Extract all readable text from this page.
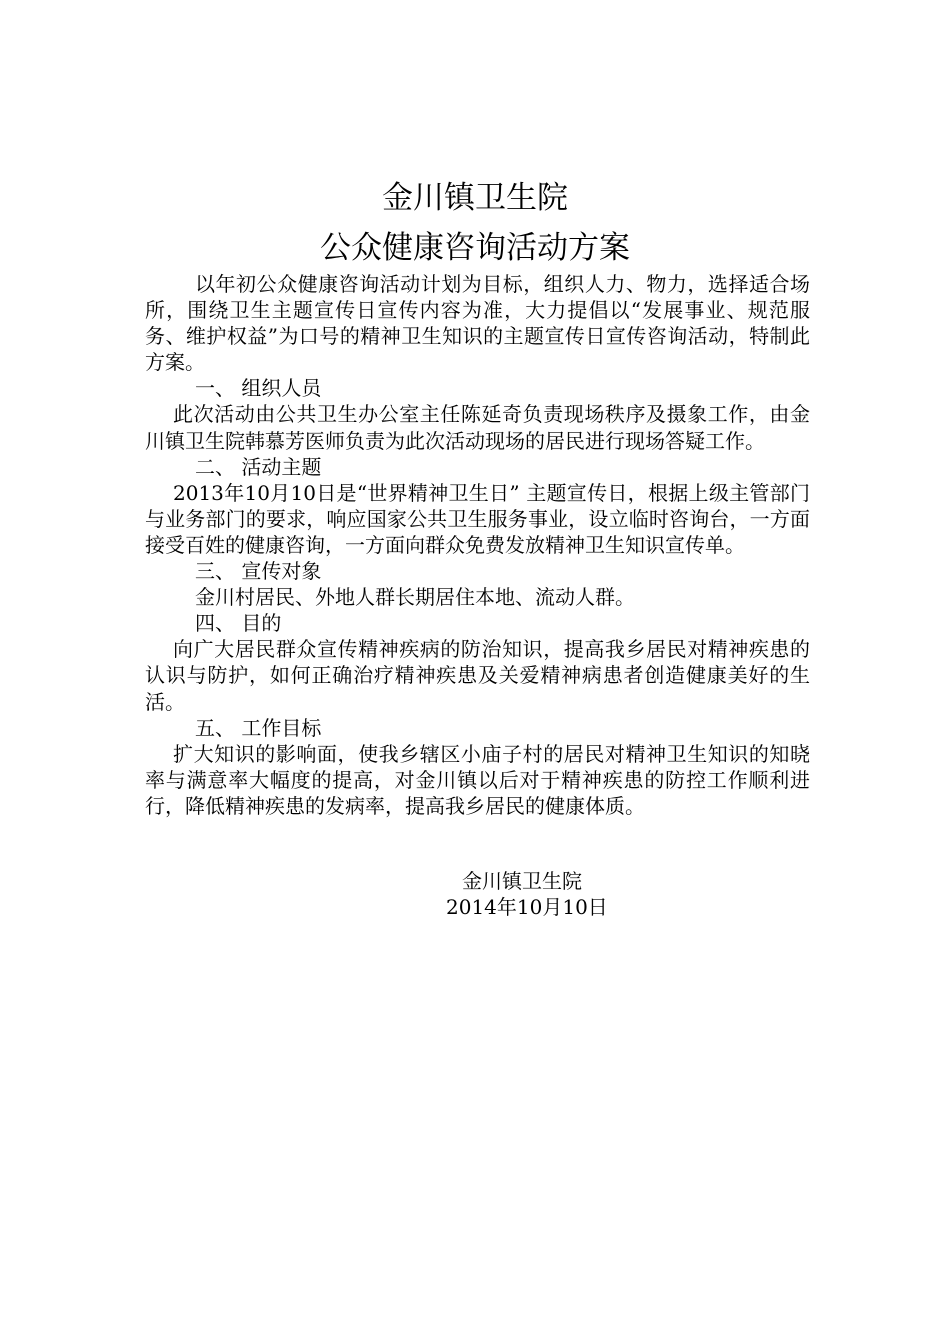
金川镇卫生院
公众健康咨询活动方案
以年初公众健康咨询活动计划为目标，组织人力、物力，选择适合场所，围绕卫生主题宣传日宣传内容为准，大力提倡以“发展事业、规范服务、维护权益”为口号的精神卫生知识的主题宣传日宣传咨询活动，特制此方案。
一、 组织人员
此次活动由公共卫生办公室主任陈延奇负责现场秩序及摄象工作，由金川镇卫生院韩慕芳医师负责为此次活动现场的居民进行现场答疑工作。
二、 活动主题
2013年10月10日是“世界精神卫生日” 主题宣传日，根据上级主管部门与业务部门的要求，响应国家公共卫生服务事业，设立临时咨询台，一方面接受百姓的健康咨询，一方面向群众免费发放精神卫生知识宣传单。
三、 宣传对象
金川村居民、外地人群长期居住本地、流动人群。
四、 目的
向广大居民群众宣传精神疾病的防治知识，提高我乡居民对精神疾患的认识与防护，如何正确治疗精神疾患及关爱精神病患者创造健康美好的生活。
五、 工作目标
扩大知识的影响面，使我乡辖区小庙子村的居民对精神卫生知识的知晓率与满意率大幅度的提高，对金川镇以后对于精神疾患的防控工作顺利进行，降低精神疾患的发病率，提高我乡居民的健康体质。
金川镇卫生院
2014年10月10日
